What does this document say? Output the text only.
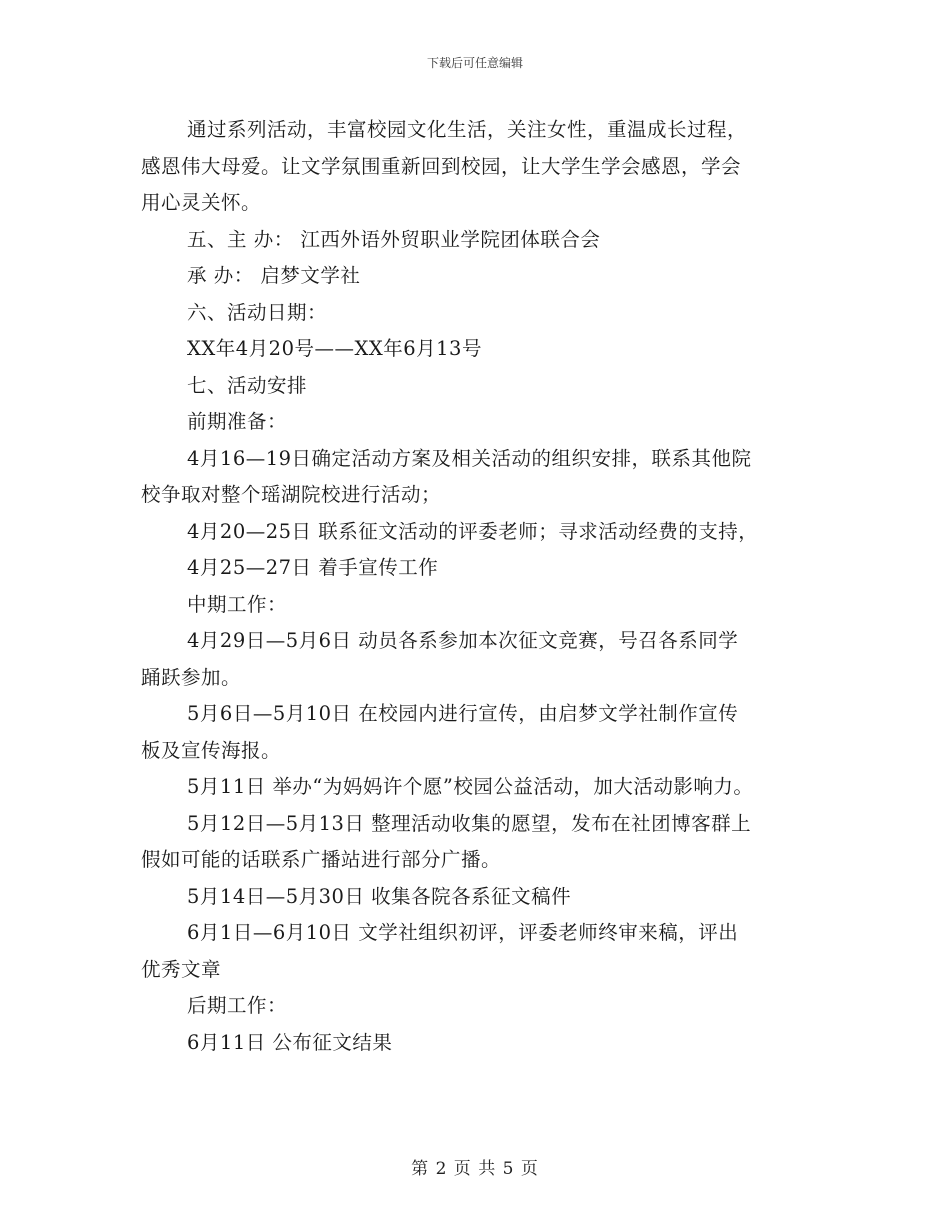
下载后可任意编辑
通过系列活动，丰富校园文化生活，关注女性，重温成长过程，
感恩伟大母爱。让文学氛围重新回到校园，让大学生学会感恩，学会
用心灵关怀。
五、主 办： 江西外语外贸职业学院团体联合会
承 办： 启梦文学社
六、活动日期：
XX年4月20号——XX年6月13号
七、活动安排
前期准备：
4月16—19日确定活动方案及相关活动的组织安排，联系其他院
校争取对整个瑶湖院校进行活动；
4月20—25日 联系征文活动的评委老师；寻求活动经费的支持，
4月25—27日 着手宣传工作
中期工作：
4月29日—5月6日 动员各系参加本次征文竞赛，号召各系同学
踊跃参加。
5月6日—5月10日 在校园内进行宣传，由启梦文学社制作宣传
板及宣传海报。
5月11日 举办“为妈妈许个愿”校园公益活动，加大活动影响力。
5月12日—5月13日 整理活动收集的愿望，发布在社团博客群上
假如可能的话联系广播站进行部分广播。
5月14日—5月30日 收集各院各系征文稿件
6月1日—6月10日 文学社组织初评，评委老师终审来稿，评出
优秀文章
后期工作：
6月11日 公布征文结果
第 2 页 共 5 页
